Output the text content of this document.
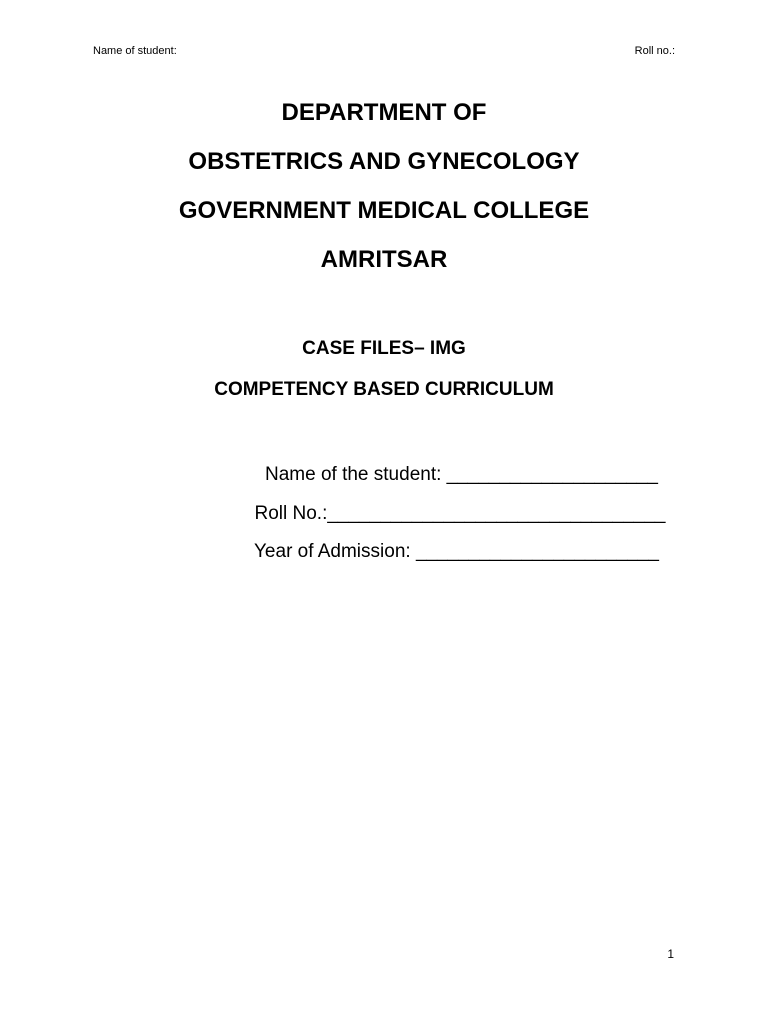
Name of student:	Roll no.:
DEPARTMENT OF
OBSTETRICS AND GYNECOLOGY
GOVERNMENT MEDICAL COLLEGE
AMRITSAR
CASE FILES– IMG
COMPETENCY BASED CURRICULUM
Name of the student: ____________________
Roll No.:________________________________
Year of Admission: _______________________
1
